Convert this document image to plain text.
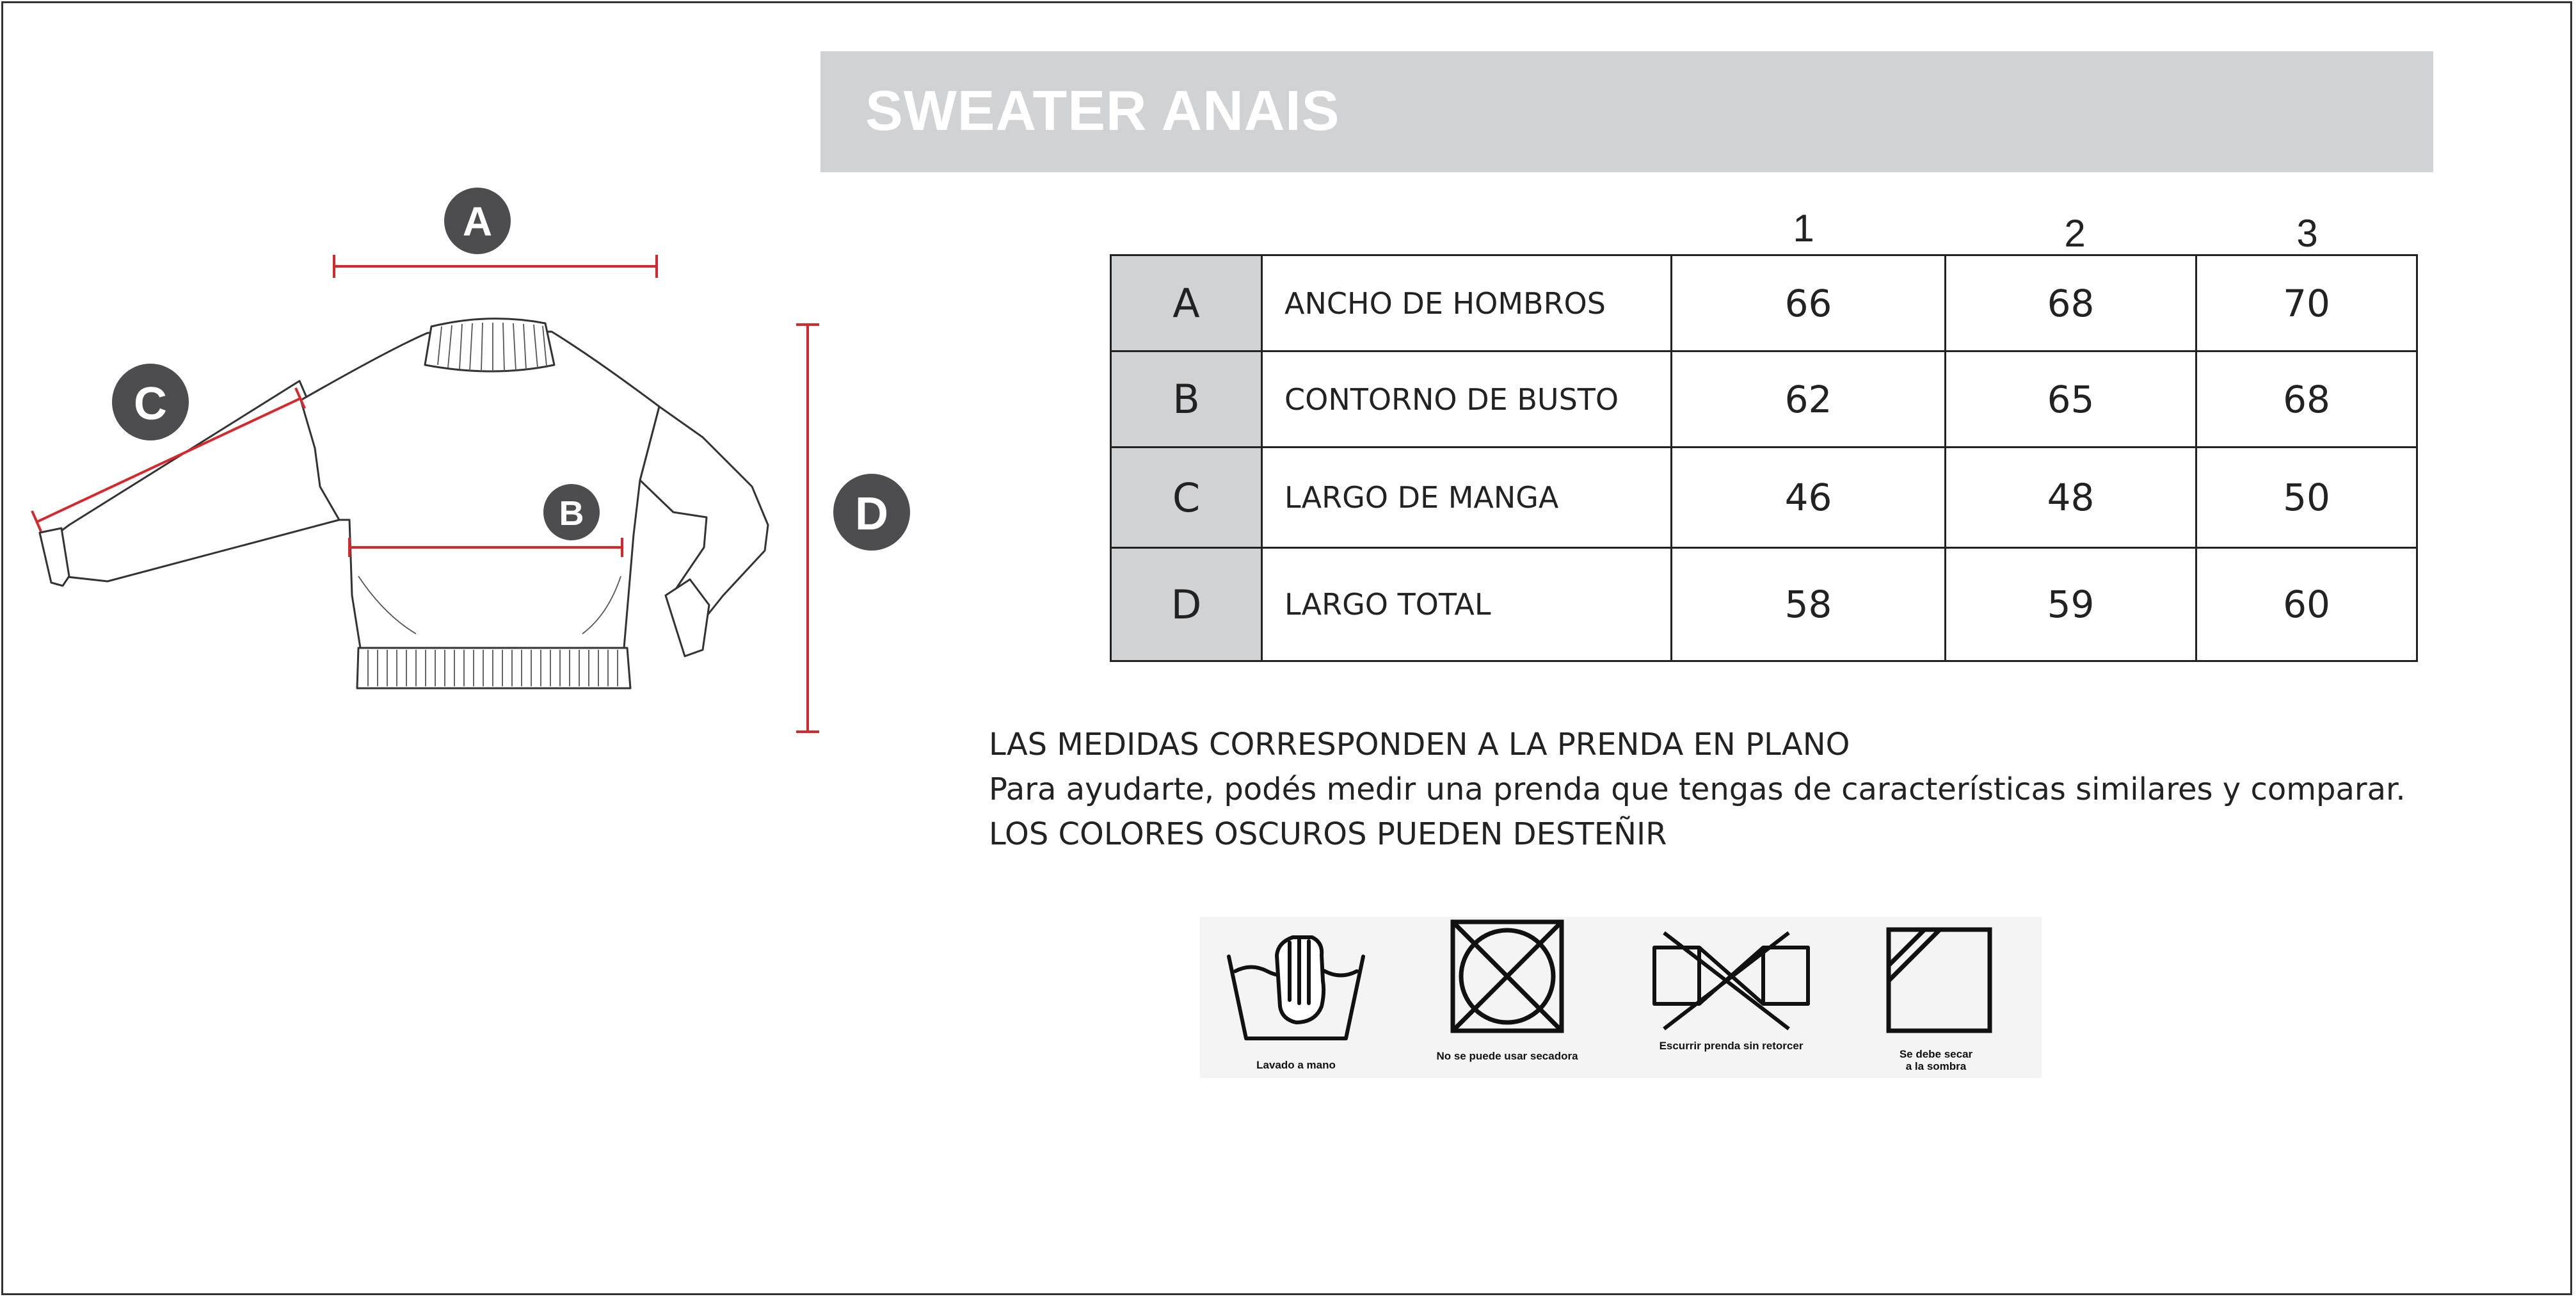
SWEATER ANAIS
A
B
C
D
1	2	3
A	ANCHO DE HOMBROS	66	68	70
B	CONTORNO DE BUSTO	62	65	68
C	LARGO DE MANGA	46	48	50
D	LARGO TOTAL	58	59	60
LAS MEDIDAS CORRESPONDEN A LA PRENDA EN PLANO
Para ayudarte, podés medir una prenda que tengas de características similares y comparar.
LOS COLORES OSCUROS PUEDEN DESTEÑIR
Lavado a mano
No se puede usar secadora
Escurrir prenda sin retorcer
Se debe secar
a la sombra
